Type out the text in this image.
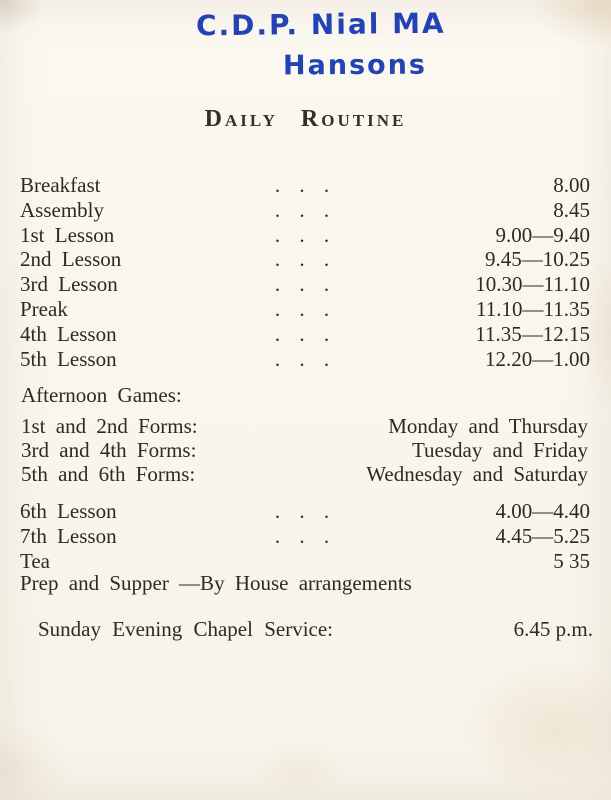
C.D.P. Nial MA
Hansons
Daily Routine
Breakfast	. . .	8.00
Assembly	. . .	8.45
1st Lesson	. . .	9.00—9.40
2nd Lesson	. . .	9.45—10.25
3rd Lesson	. . .	10.30—11.10
Preak	. . .	11.10—11.35
4th Lesson	. . .	11.35—12.15
5th Lesson	. . .	12.20—1.00
Afternoon Games:
1st and 2nd Forms:	Monday and Thursday
3rd and 4th Forms:	Tuesday and Friday
5th and 6th Forms:	Wednesday and Saturday
6th Lesson	. . .	4.00—4.40
7th Lesson	. . .	4.45—5.25
Tea	5 35
Prep and Supper —By House arrangements
Sunday Evening Chapel Service:	6.45 p.m.
